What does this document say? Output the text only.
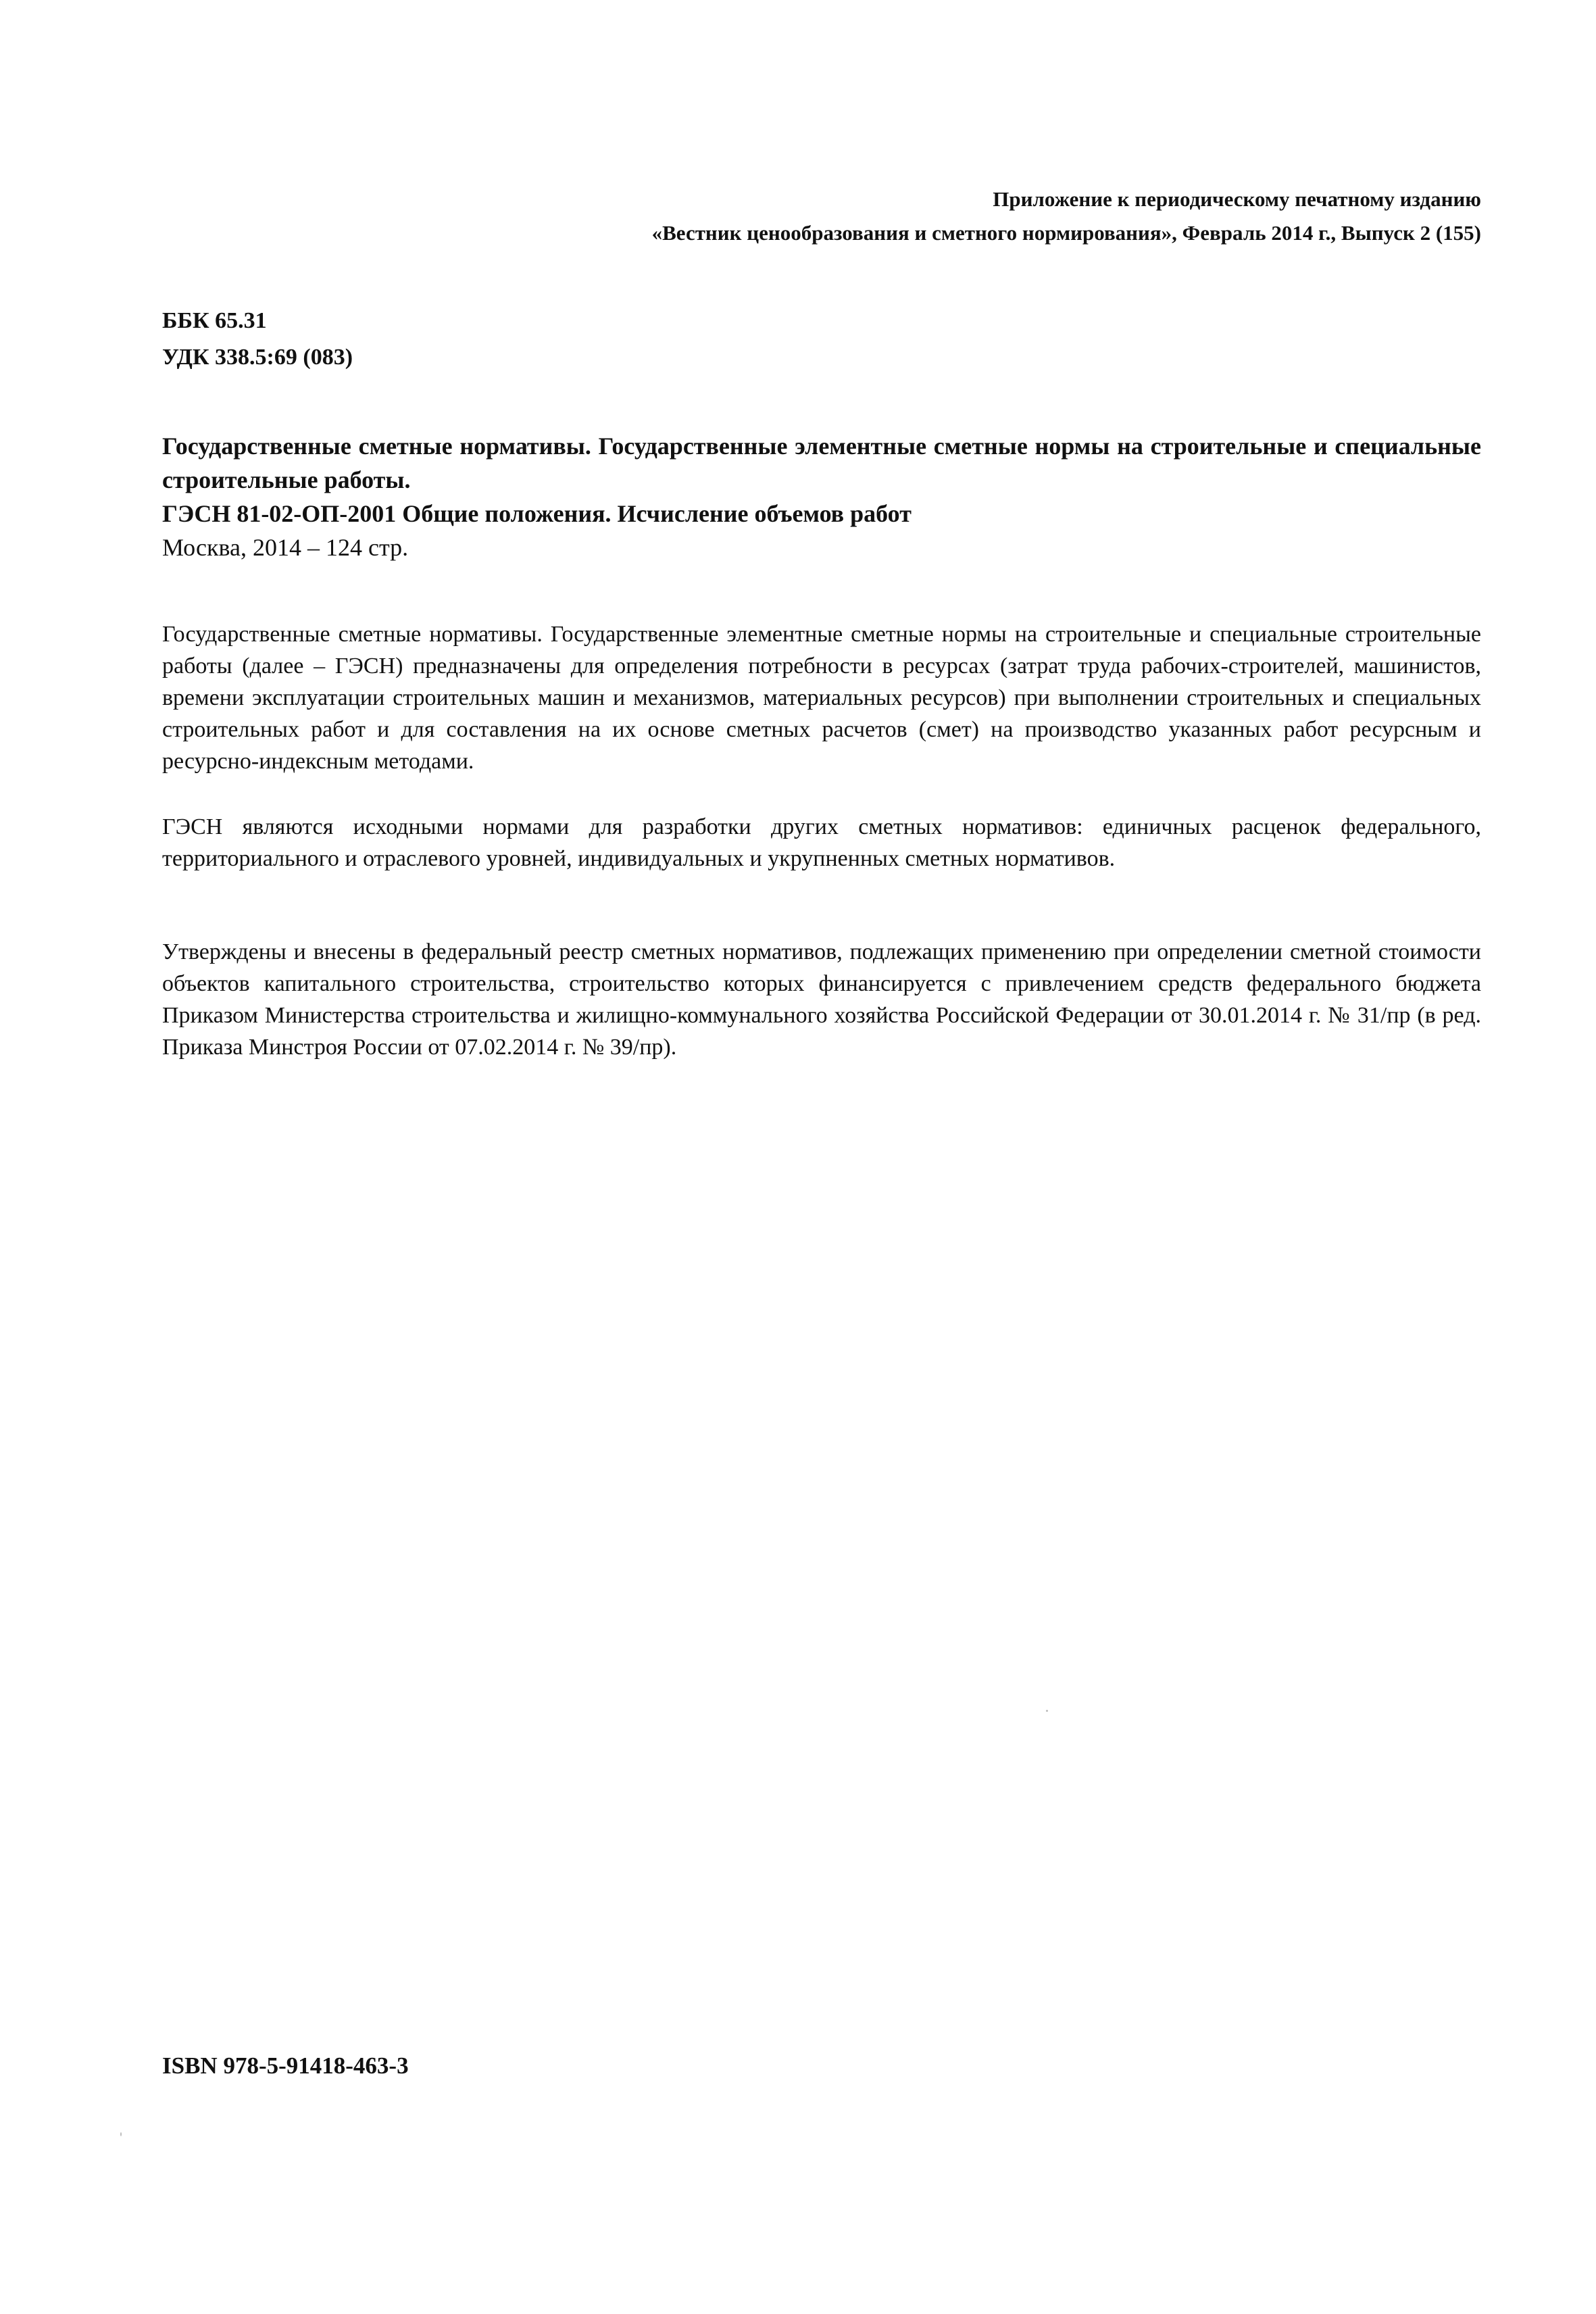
Приложение к периодическому печатному изданию
«Вестник ценообразования и сметного нормирования», Февраль 2014 г., Выпуск 2 (155)
ББК 65.31
УДК 338.5:69 (083)
Государственные сметные нормативы. Государственные элементные сметные нормы на строительные и специальные строительные работы.
ГЭСН 81-02-ОП-2001 Общие положения. Исчисление объемов работ
Москва, 2014 – 124 стр.
Государственные сметные нормативы. Государственные элементные сметные нормы на строительные и специальные строительные работы (далее – ГЭСН) предназначены для определения потребности в ресурсах (затрат труда рабочих-строителей, машинистов, времени эксплуатации строительных машин и механизмов, материальных ресурсов) при выполнении строительных и специальных строительных работ и для составления на их основе сметных расчетов (смет) на производство указанных работ ресурсным и ресурсно-индексным методами.
ГЭСН являются исходными нормами для разработки других сметных нормативов: единичных расценок федерального, территориального и отраслевого уровней, индивидуальных и укрупненных сметных нормативов.
Утверждены и внесены в федеральный реестр сметных нормативов, подлежащих применению при определении сметной стоимости объектов капитального строительства, строительство которых финансируется с привлечением средств федерального бюджета Приказом Министерства строительства и жилищно-коммунального хозяйства Российской Федерации от 30.01.2014 г. № 31/пр (в ред. Приказа Минстроя России от 07.02.2014 г. № 39/пр).
ISBN 978-5-91418-463-3
